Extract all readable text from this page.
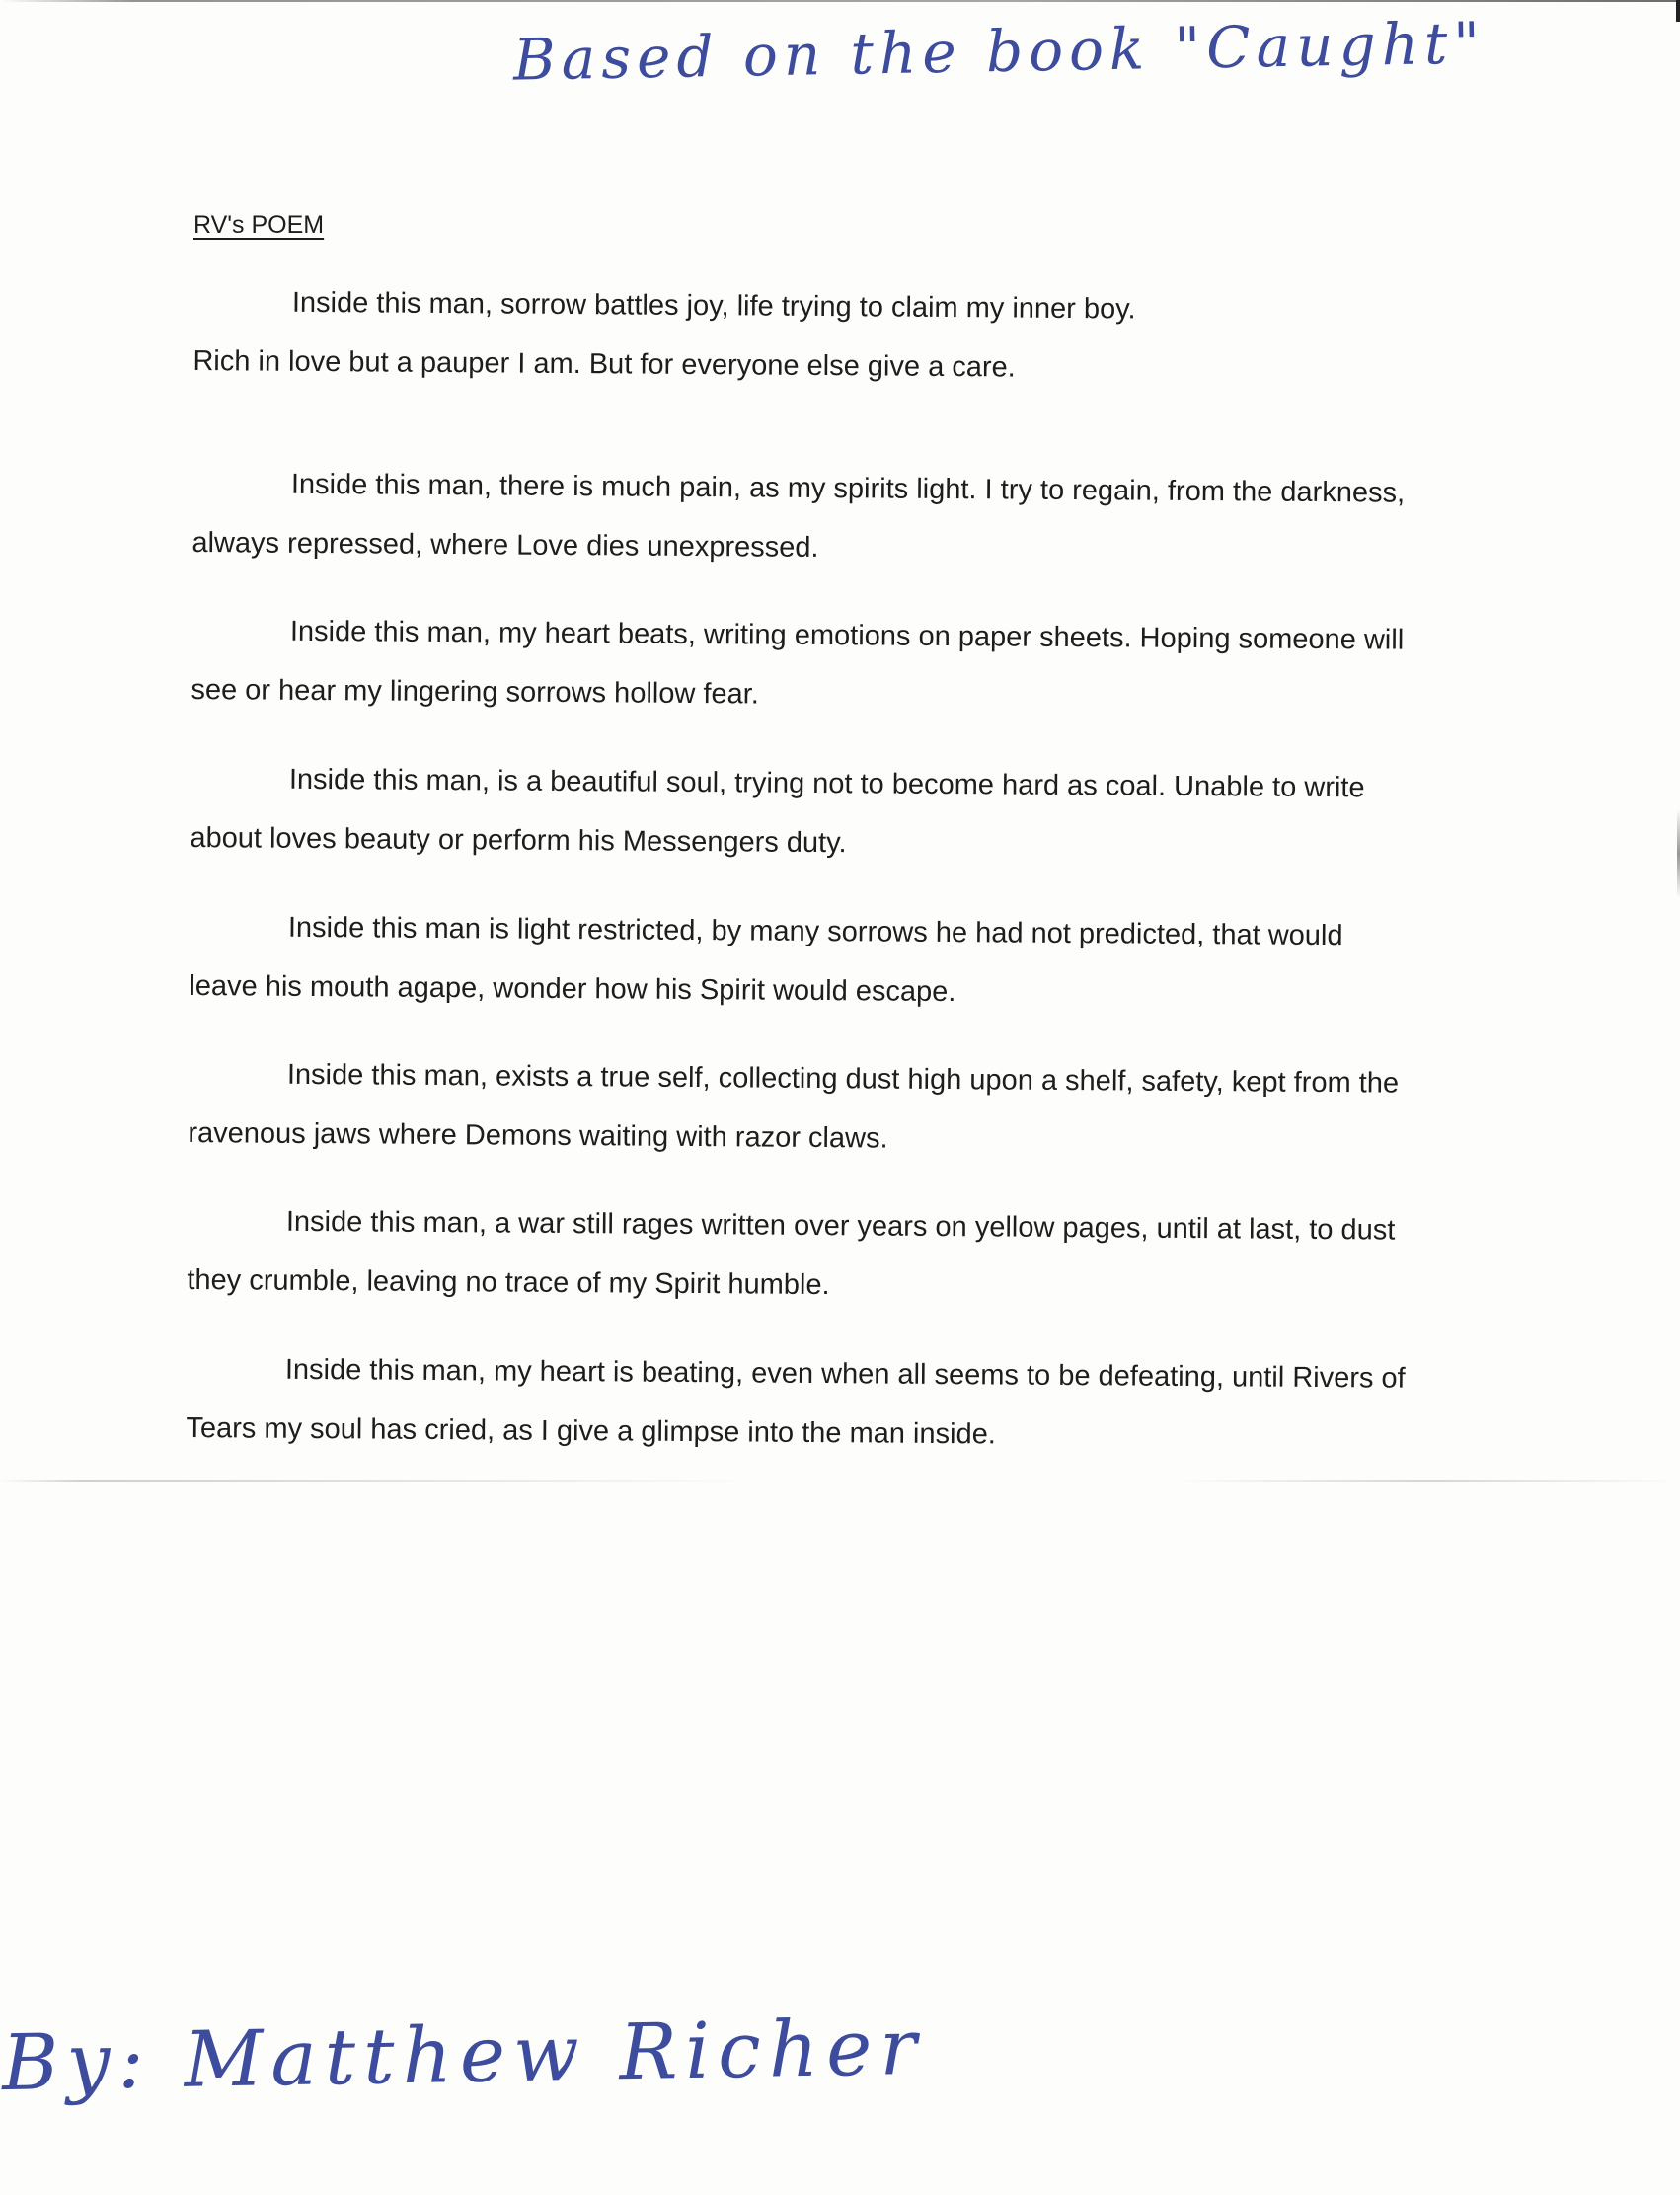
Based on the book "Caught"
RV's POEM
Inside this man, sorrow battles joy, life trying to claim my inner boy.
Rich in love but a pauper I am. But for everyone else give a care.
Inside this man, there is much pain, as my spirits light. I try to regain, from the darkness,
always repressed, where Love dies unexpressed.
Inside this man, my heart beats, writing emotions on paper sheets. Hoping someone will
see or hear my lingering sorrows hollow fear.
Inside this man, is a beautiful soul, trying not to become hard as coal. Unable to write
about loves beauty or perform his Messengers duty.
Inside this man is light restricted, by many sorrows he had not predicted, that would
leave his mouth agape, wonder how his Spirit would escape.
Inside this man, exists a true self, collecting dust high upon a shelf, safety, kept from the
ravenous jaws where Demons waiting with razor claws.
Inside this man, a war still rages written over years on yellow pages, until at last, to dust
they crumble, leaving no trace of my Spirit humble.
Inside this man, my heart is beating, even when all seems to be defeating, until Rivers of
Tears my soul has cried, as I give a glimpse into the man inside.
By: Matthew Richer
